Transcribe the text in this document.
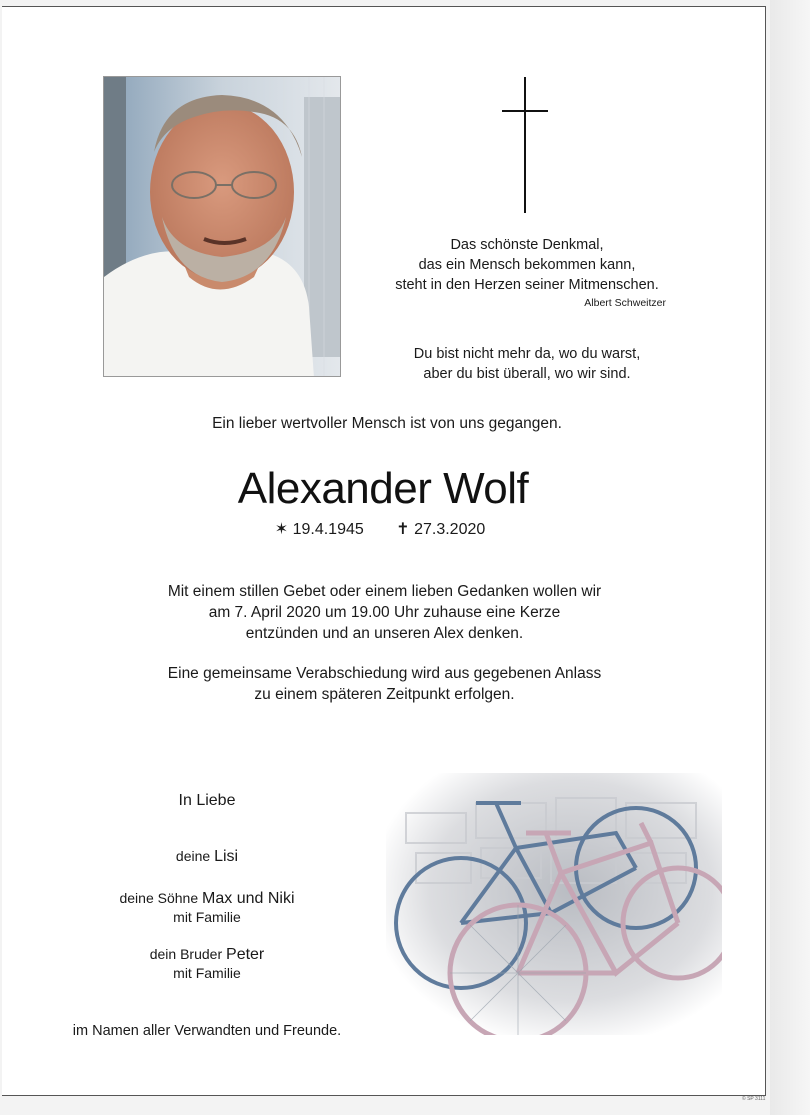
Das schönste Denkmal,
das ein Mensch bekommen kann,
steht in den Herzen seiner Mitmenschen.
Albert Schweitzer
Du bist nicht mehr da, wo du warst,
aber du bist überall, wo wir sind.
Ein lieber wertvoller Mensch ist von uns gegangen.
Alexander Wolf
✶ 19.4.1945 ✝ 27.3.2020
Mit einem stillen Gebet oder einem lieben Gedanken wollen wir
am 7. April 2020 um 19.00 Uhr zuhause eine Kerze
entzünden und an unseren Alex denken.
Eine gemeinsame Verabschiedung wird aus gegebenen Anlass
zu einem späteren Zeitpunkt erfolgen.
In Liebe
deine Lisi
deine Söhne Max und Niki
mit Familie
dein Bruder Peter
mit Familie
im Namen aller Verwandten und Freunde.
© SP 3111
